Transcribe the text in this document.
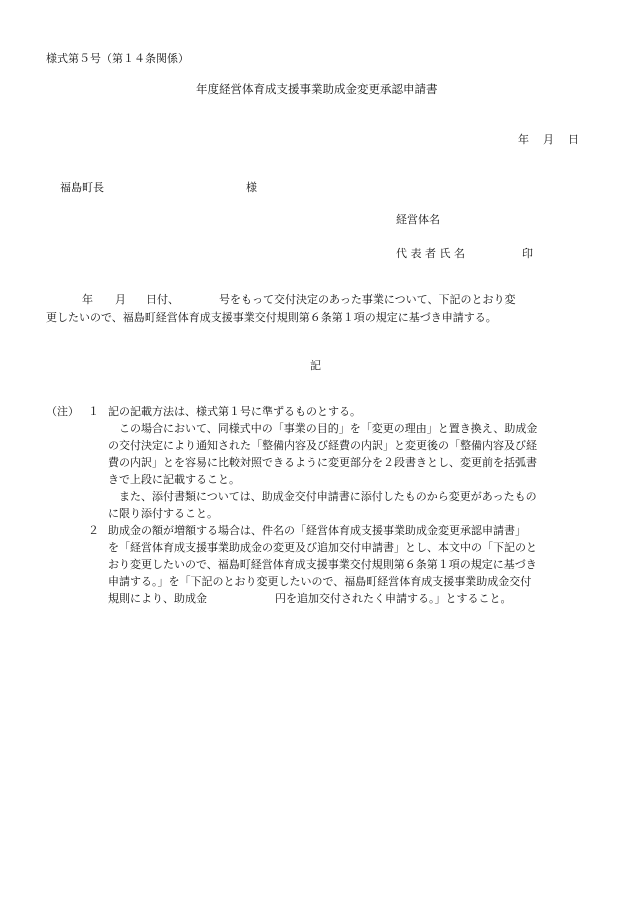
様式第５号（第１４条関係）
年度経営体育成支援事業助成金変更承認申請書
年 月 日
福島町長	様
経営体名
代 表 者 氏 名	印
年 月 日付、	号をもって交付決定のあった事業について、下記のとおり変
更したいので、福島町経営体育成支援事業交付規則第６条第１項の規定に基づき申請する。
記
（注） １ 記の記載方法は、様式第１号に準ずるものとする。
この場合において、同様式中の「事業の目的」を「変更の理由」と置き換え、助成金
の交付決定により通知された「整備内容及び経費の内訳」と変更後の「整備内容及び経
費の内訳」とを容易に比較対照できるように変更部分を２段書きとし、変更前を括弧書
きで上段に記載すること。
また、添付書類については、助成金交付申請書に添付したものから変更があったもの
に限り添付すること。
２ 助成金の額が増額する場合は、件名の「経営体育成支援事業助成金変更承認申請書」
を「経営体育成支援事業助成金の変更及び追加交付申請書」とし、本文中の「下記のと
おり変更したいので、福島町経営体育成支援事業交付規則第６条第１項の規定に基づき
申請する。」を「下記のとおり変更したいので、福島町経営体育成支援事業助成金交付
規則により、助成金	円を追加交付されたく申請する。」とすること。
